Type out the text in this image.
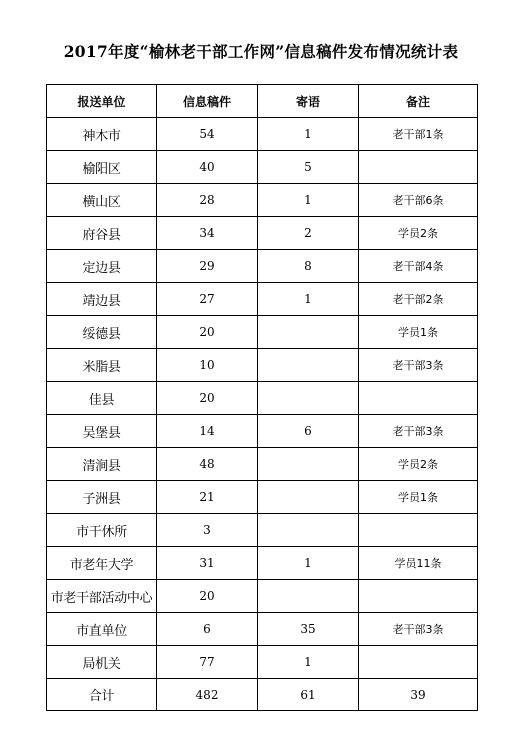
2017年度“榆林老干部工作网”信息稿件发布情况统计表
报送单位	信息稿件	寄语	备注
神木市	54	1	老干部1条
榆阳区	40	5	
横山区	28	1	老干部6条
府谷县	34	2	学员2条
定边县	29	8	老干部4条
靖边县	27	1	老干部2条
绥德县	20		学员1条
米脂县	10		老干部3条
佳县	20		
吴堡县	14	6	老干部3条
清涧县	48		学员2条
子洲县	21		学员1条
市干休所	3		
市老年大学	31	1	学员11条
市老干部活动中心	20		
市直单位	6	35	老干部3条
局机关	77	1	
合计	482	61	39
